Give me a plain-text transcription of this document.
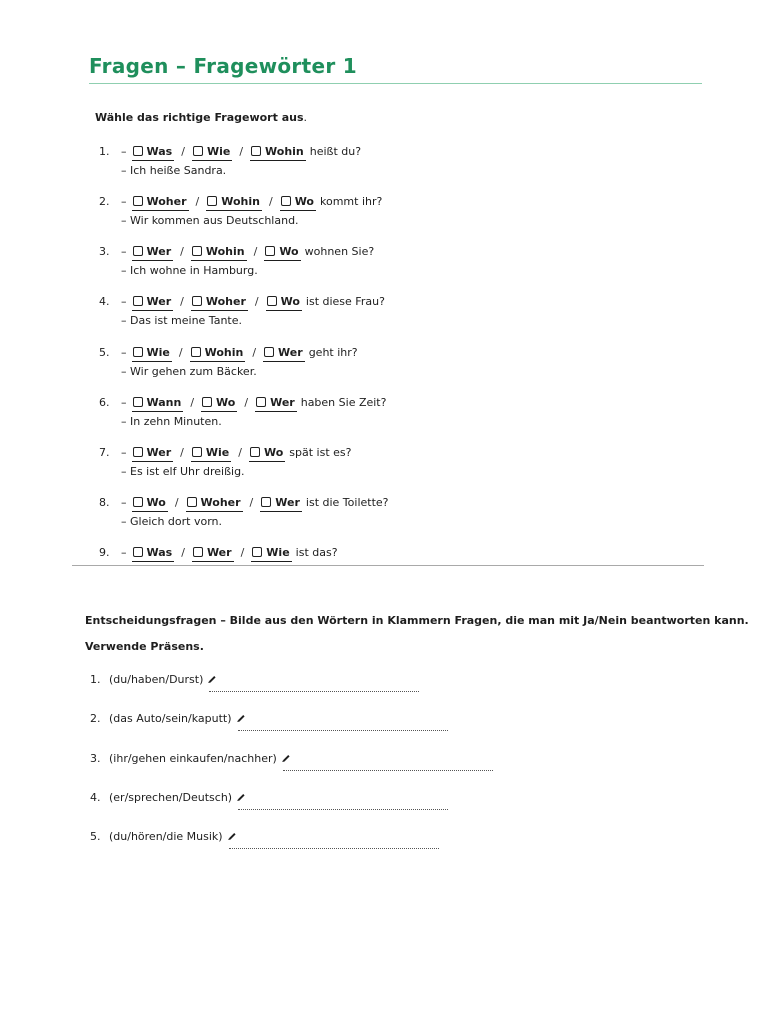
Fragen – Fragewörter 1
Wähle das richtige Fragewort aus.
1. – Was / Wie / Wohin heißt du?
– Ich heiße Sandra.
2. – Woher / Wohin / Wo kommt ihr?
– Wir kommen aus Deutschland.
3. – Wer / Wohin / Wo wohnen Sie?
– Ich wohne in Hamburg.
4. – Wer / Woher / Wo ist diese Frau?
– Das ist meine Tante.
5. – Wie / Wohin / Wer geht ihr?
– Wir gehen zum Bäcker.
6. – Wann / Wo / Wer haben Sie Zeit?
– In zehn Minuten.
7. – Wer / Wie / Wo spät ist es?
– Es ist elf Uhr dreißig.
8. – Wo / Woher / Wer ist die Toilette?
– Gleich dort vorn.
9. – Was / Wer / Wie ist das?
Entscheidungsfragen – Bilde aus den Wörtern in Klammern Fragen, die man mit Ja/Nein beantworten kann.
Verwende Präsens.
1. (du/haben/Durst)
2. (das Auto/sein/kaputt)
3. (ihr/gehen einkaufen/nachher)
4. (er/sprechen/Deutsch)
5. (du/hören/die Musik)
